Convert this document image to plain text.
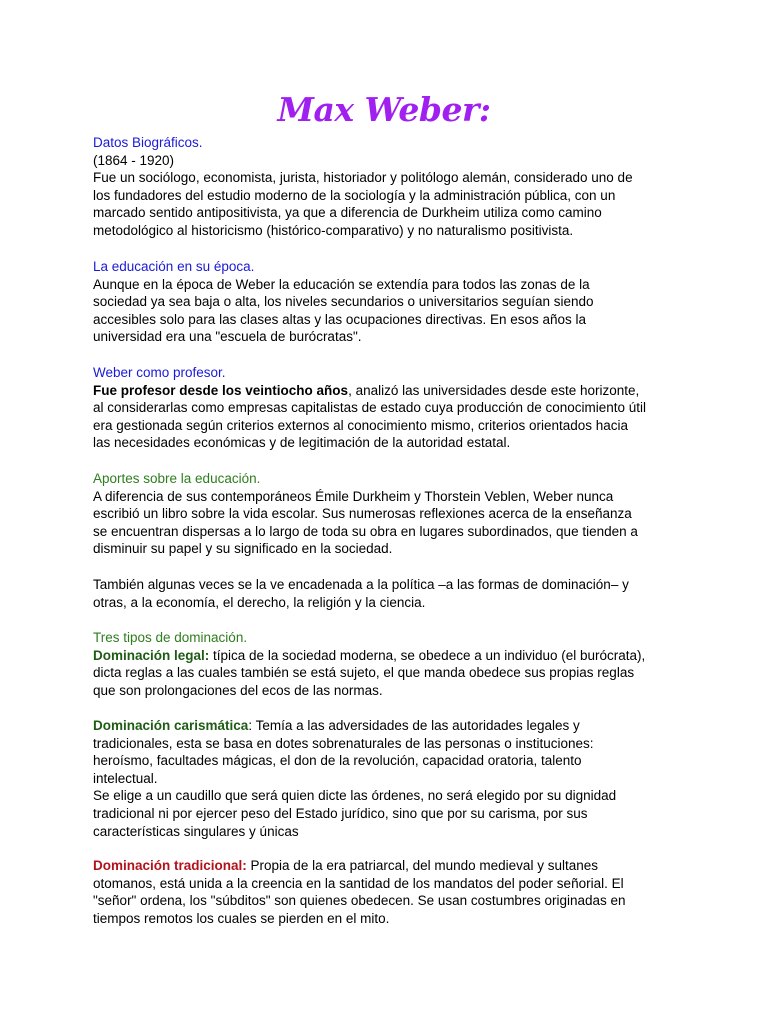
Max Weber:

Datos Biográficos.

(1864 - 1920)

Fue un sociólogo, economista, jurista, historiador y politólogo alemán, considerado uno de

los fundadores del estudio moderno de la sociología y la administración pública, con un

marcado sentido antipositivista, ya que a diferencia de Durkheim utiliza como camino

metodológico al historicismo (histórico-comparativo) y no naturalismo positivista.

La educación en su época.

Aunque en la época de Weber la educación se extendía para todos las zonas de la

sociedad ya sea baja o alta, los niveles secundarios o universitarios seguían siendo

accesibles solo para las clases altas y las ocupaciones directivas. En esos años la

universidad era una "escuela de burócratas".

Weber como profesor.

Fue profesor desde los veintiocho años, analizó las universidades desde este horizonte,

al considerarlas como empresas capitalistas de estado cuya producción de conocimiento útil

era gestionada según criterios externos al conocimiento mismo, criterios orientados hacia

las necesidades económicas y de legitimación de la autoridad estatal.

Aportes sobre la educación.

A diferencia de sus contemporáneos Émile Durkheim y Thorstein Veblen, Weber nunca

escribió un libro sobre la vida escolar. Sus numerosas reflexiones acerca de la enseñanza

se encuentran dispersas a lo largo de toda su obra en lugares subordinados, que tienden a

disminuir su papel y su significado en la sociedad.

También algunas veces se la ve encadenada a la política –a las formas de dominación– y

otras, a la economía, el derecho, la religión y la ciencia.

Tres tipos de dominación.

Dominación legal: típica de la sociedad moderna, se obedece a un individuo (el burócrata),

dicta reglas a las cuales también se está sujeto, el que manda obedece sus propias reglas

que son prolongaciones del ecos de las normas.

Dominación carismática: Temía a las adversidades de las autoridades legales y

tradicionales, esta se basa en dotes sobrenaturales de las personas o instituciones:

heroísmo, facultades mágicas, el don de la revolución, capacidad oratoria, talento

intelectual.

Se elige a un caudillo que será quien dicte las órdenes, no será elegido por su dignidad

tradicional ni por ejercer peso del Estado jurídico, sino que por su carisma, por sus

características singulares y únicas

Dominación tradicional: Propia de la era patriarcal, del mundo medieval y sultanes

otomanos, está unida a la creencia en la santidad de los mandatos del poder señorial. El

"señor" ordena, los "súbditos" son quienes obedecen. Se usan costumbres originadas en

tiempos remotos los cuales se pierden en el mito.
